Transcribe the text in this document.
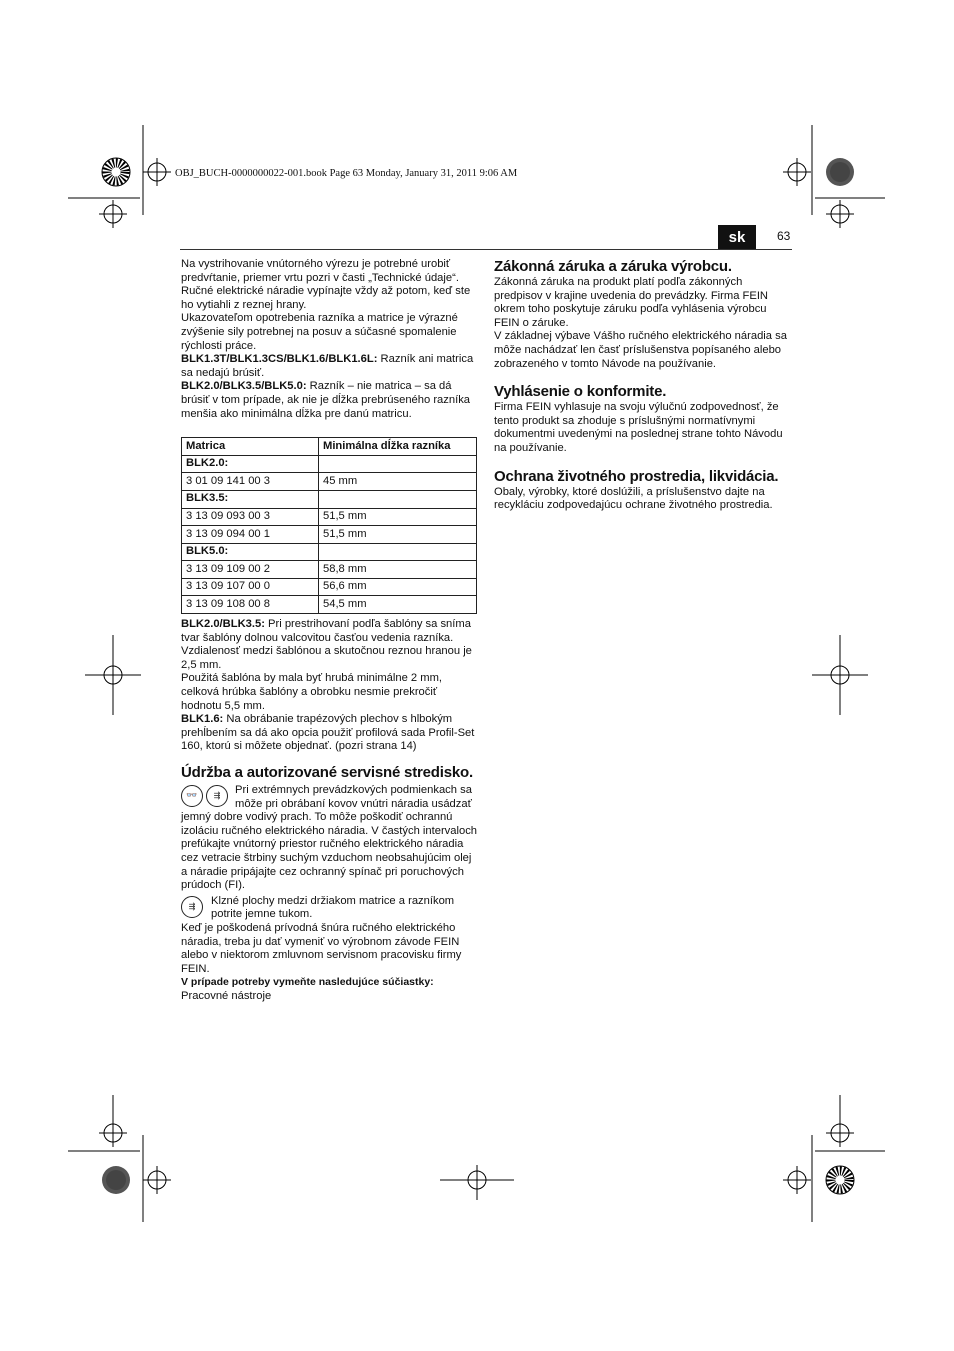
OBJ_BUCH-0000000022-001.book Page 63 Monday, January 31, 2011 9:06 AM
sk	63

Na vystrihovanie vnútorného výrezu je potrebné urobiť predvŕtanie, priemer vrtu pozri v časti „Technické údaje“.

Ručné elektrické náradie vypínajte vždy až potom, keď ste ho vytiahli z reznej hrany.

Ukazovateľom opotrebenia razníka a matrice je výrazné zvýšenie sily potrebnej na posuv a súčasné spomalenie rýchlosti práce.

BLK1.3T/BLK1.3CS/BLK1.6/BLK1.6L: Razník ani matrica sa nedajú brúsiť.

BLK2.0/BLK3.5/BLK5.0: Razník – nie matrica – sa dá brúsiť v tom prípade, ak nie je dĺžka prebrúseného razníka menšia ako minimálna dĺžka pre danú matricu.

Matrica	Minimálna dĺžka razníka
BLK2.0:	
3 01 09 141 00 3	45 mm
BLK3.5:	
3 13 09 093 00 3	51,5 mm
3 13 09 094 00 1	51,5 mm
BLK5.0:	
3 13 09 109 00 2	58,8 mm
3 13 09 107 00 0	56,6 mm
3 13 09 108 00 8	54,5 mm

BLK2.0/BLK3.5: Pri prestrihovaní podľa šablóny sa sníma tvar šablóny dolnou valcovitou časťou vedenia razníka. Vzdialenosť medzi šablónou a skutočnou reznou hranou je 2,5 mm.

Použitá šablóna by mala byť hrubá minimálne 2 mm, celková hrúbka šablóny a obrobku nesmie prekročiť hodnotu 5,5 mm.

BLK1.6: Na obrábanie trapézových plechov s hlbokým prehĺbením sa dá ako opcia použiť profilová sada Profil-Set 160, ktorú si môžete objednať. (pozri strana 14)

Údržba a autorizované servisné stredisko.
👓	⇶	Pri extrémnych prevádzkových podmienkach sa môže pri obrábaní kovov vnútri náradia usádzať jemný dobre vodivý prach. To môže poškodiť ochrannú izoláciu ručného elektrického náradia. V častých intervaloch prefúkajte vnútorný priestor ručného elektrického náradia cez vetracie štrbiny suchým vzduchom neobsahujúcim olej a náradie pripájajte cez ochranný spínač pri poruchových prúdoch (FI).

⇶	Klzné plochy medzi držiakom matrice a razníkom potrite jemne tukom.

Keď je poškodená prívodná šnúra ručného elektrického náradia, treba ju dať vymeniť vo výrobnom závode FEIN alebo v niektorom zmluvnom servisnom pracovisku firmy FEIN.

V prípade potreby vymeňte nasledujúce súčiastky:

Pracovné nástroje

Zákonná záruka a záruka výrobcu.

Zákonná záruka na produkt platí podľa zákonných predpisov v krajine uvedenia do prevádzky. Firma FEIN okrem toho poskytuje záruku podľa vyhlásenia výrobcu FEIN o záruke.

V základnej výbave Vášho ručného elektrického náradia sa môže nachádzať len časť príslušenstva popísaného alebo zobrazeného v tomto Návode na používanie.

Vyhlásenie o konformite.

Firma FEIN vyhlasuje na svoju výlučnú zodpovednosť, že tento produkt sa zhoduje s príslušnými normatívnymi dokumentmi uvedenými na poslednej strane tohto Návodu na používanie.

Ochrana životného prostredia, likvidácia.

Obaly, výrobky, ktoré doslúžili, a príslušenstvo dajte na recykláciu zodpovedajúcu ochrane životného prostredia.
